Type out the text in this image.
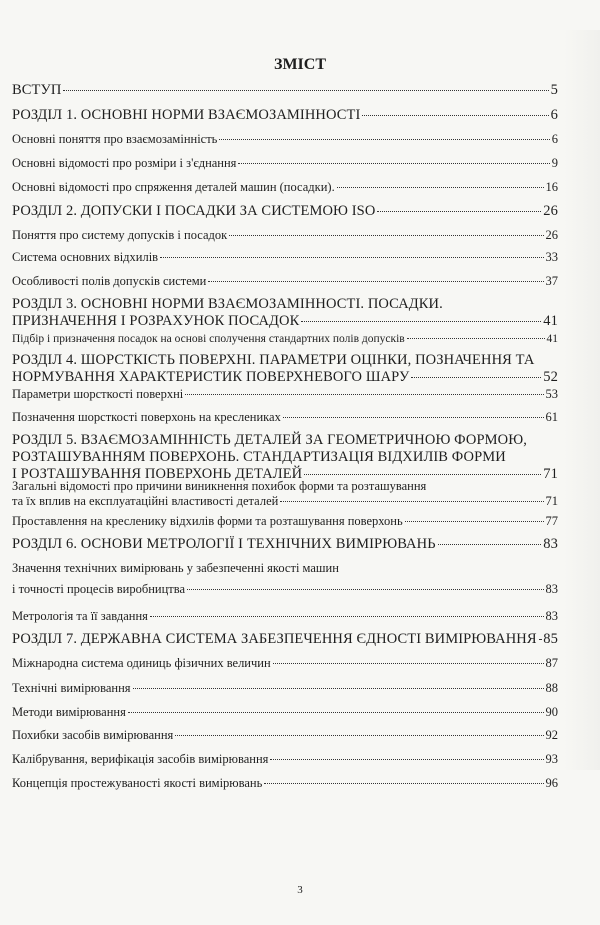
ЗМІСТ
ВСТУП	5
РОЗДІЛ 1. ОСНОВНІ НОРМИ ВЗАЄМОЗАМІННОСТІ	6
Основні поняття про взаємозамінність	6
Основні відомості про розміри і з'єднання	9
Основні відомості про спряження деталей машин (посадки).	16
РОЗДІЛ 2. ДОПУСКИ І ПОСАДКИ ЗА СИСТЕМОЮ ISO	26
Поняття про систему допусків і посадок	26
Система основних відхилів	33
Особливості полів допусків системи	37
РОЗДІЛ 3. ОСНОВНІ НОРМИ ВЗАЄМОЗАМІННОСТІ. ПОСАДКИ.
ПРИЗНАЧЕННЯ І РОЗРАХУНОК ПОСАДОК	41
Підбір і призначення посадок на основі сполучення стандартних полів допусків	41
РОЗДІЛ 4. ШОРСТКІСТЬ ПОВЕРХНІ. ПАРАМЕТРИ ОЦІНКИ, ПОЗНАЧЕННЯ ТА
НОРМУВАННЯ ХАРАКТЕРИСТИК ПОВЕРХНЕВОГО ШАРУ	52
Параметри шорсткості поверхні	53
Позначення шорсткості поверхонь на креслениках	61
РОЗДІЛ 5. ВЗАЄМОЗАМІННІСТЬ ДЕТАЛЕЙ ЗА ГЕОМЕТРИЧНОЮ ФОРМОЮ,
РОЗТАШУВАННЯМ ПОВЕРХОНЬ. СТАНДАРТИЗАЦІЯ ВІДХИЛІВ ФОРМИ
І РОЗТАШУВАННЯ ПОВЕРХОНЬ ДЕТАЛЕЙ	71
Загальні відомості про причини виникнення похибок форми та розташування
та їх вплив на експлуатаційні властивості деталей	71
Проставлення на кресленику відхилів форми та розташування поверхонь	77
РОЗДІЛ 6. ОСНОВИ МЕТРОЛОГІЇ І ТЕХНІЧНИХ ВИМІРЮВАНЬ	83
Значення технічних вимірювань у забезпеченні якості машин
і точності процесів виробництва	83
Метрологія та її завдання	83
РОЗДІЛ 7. ДЕРЖАВНА СИСТЕМА ЗАБЕЗПЕЧЕННЯ ЄДНОСТІ ВИМІРЮВАННЯ 85
Міжнародна система одиниць фізичних величин	87
Технічні вимірювання	88
Методи вимірювання	90
Похибки засобів вимірювання	92
Калібрування, верифікація засобів вимірювання	93
Концепція простежуваності якості вимірювань	96
3
